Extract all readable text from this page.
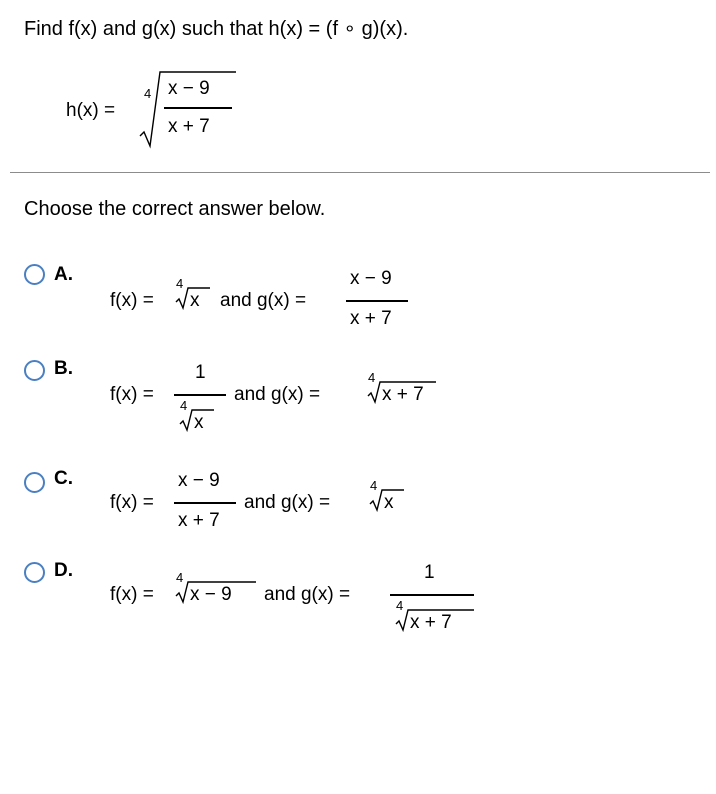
Find f(x) and g(x) such that h(x) = (f ∘ g)(x).
h(x) =
4 x − 9
x + 7
Choose the correct answer below.
A.
f(x) =
4
x and g(x) =
x − 9
x + 7
B.
f(x) =
1
4
x
and g(x) =
4
x + 7
C.
f(x) =
x − 9
x + 7
and g(x) =
4
x
D.
f(x) =
4
x − 9 and g(x) =
1
4
x + 7
